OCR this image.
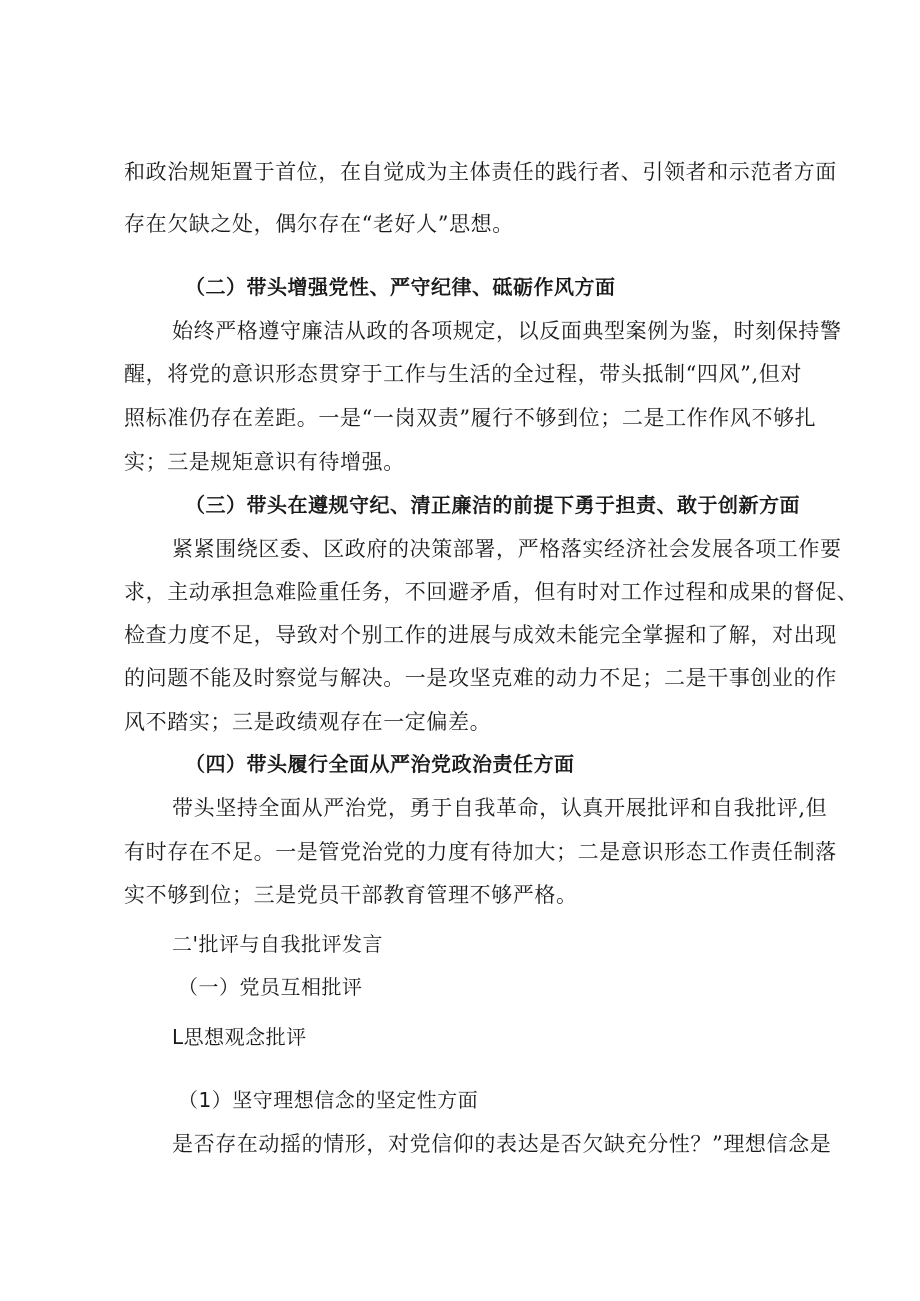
和政治规矩置于首位，在自觉成为主体责任的践行者、引领者和示范者方面
存在欠缺之处，偶尔存在“老好人”思想。
（二）带头增强党性、严守纪律、砥砺作风方面
始终严格遵守廉洁从政的各项规定，以反面典型案例为鉴，时刻保持警
醒，将党的意识形态贯穿于工作与生活的全过程，带头抵制“四风”,但对
照标准仍存在差距。一是“一岗双责”履行不够到位；二是工作作风不够扎
实；三是规矩意识有待增强。
（三）带头在遵规守纪、清正廉洁的前提下勇于担责、敢于创新方面
紧紧围绕区委、区政府的决策部署，严格落实经济社会发展各项工作要
求，主动承担急难险重任务，不回避矛盾，但有时对工作过程和成果的督促、
检查力度不足，导致对个别工作的进展与成效未能完全掌握和了解，对出现
的问题不能及时察觉与解决。一是攻坚克难的动力不足；二是干事创业的作
风不踏实；三是政绩观存在一定偏差。
（四）带头履行全面从严治党政治责任方面
带头坚持全面从严治党，勇于自我革命，认真开展批评和自我批评,但
有时存在不足。一是管党治党的力度有待加大；二是意识形态工作责任制落
实不够到位；三是党员干部教育管理不够严格。
二'批评与自我批评发言
（一）党员互相批评
L思想观念批评
（1）坚守理想信念的坚定性方面
是否存在动摇的情形，对党信仰的表达是否欠缺充分性？”理想信念是
